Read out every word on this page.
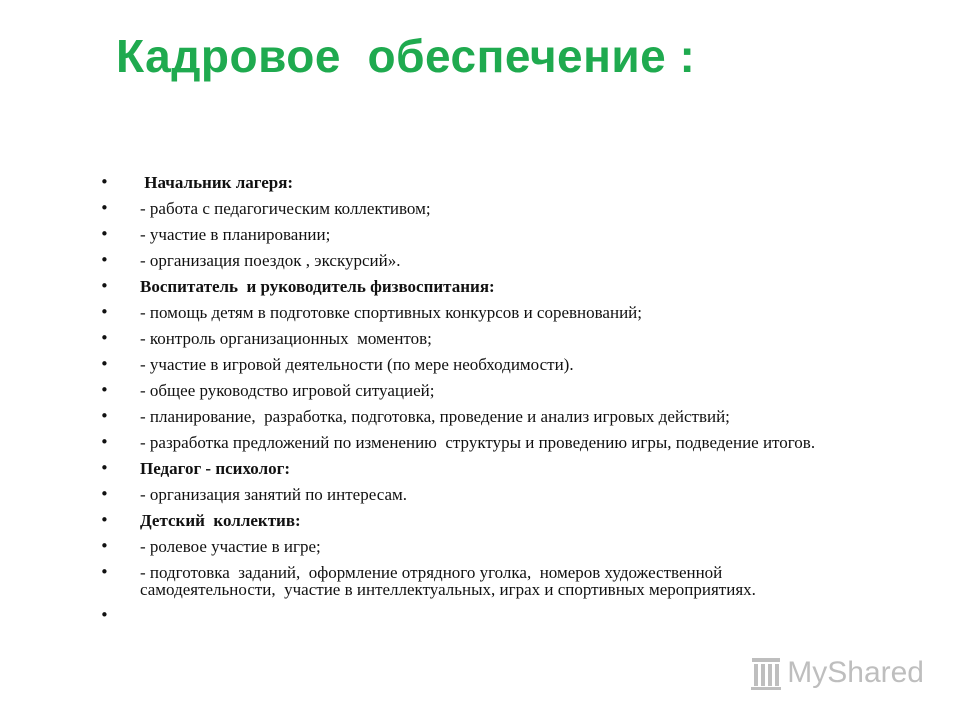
Кадровое  обеспечение :
• Начальник лагеря:
• - работа с педагогическим коллективом;
• - участие в планировании;
• - организация поездок , экскурсий».
• Воспитатель  и руководитель физвоспитания:
• - помощь детям в подготовке спортивных конкурсов и соревнований;
• - контроль организационных  моментов;
• - участие в игровой деятельности (по мере необходимости).
• - общее руководство игровой ситуацией;
• - планирование,  разработка, подготовка, проведение и анализ игровых действий;
• - разработка предложений по изменению  структуры и проведению игры, подведение итогов.
• Педагог - психолог:
• - организация занятий по интересам.
• Детский  коллектив:
• - ролевое участие в игре;
• - подготовка  заданий,  оформление отрядного уголка,  номеров художественной самодеятельности,  участие в интеллектуальных, играх и спортивных мероприятиях.
•
MyShared
